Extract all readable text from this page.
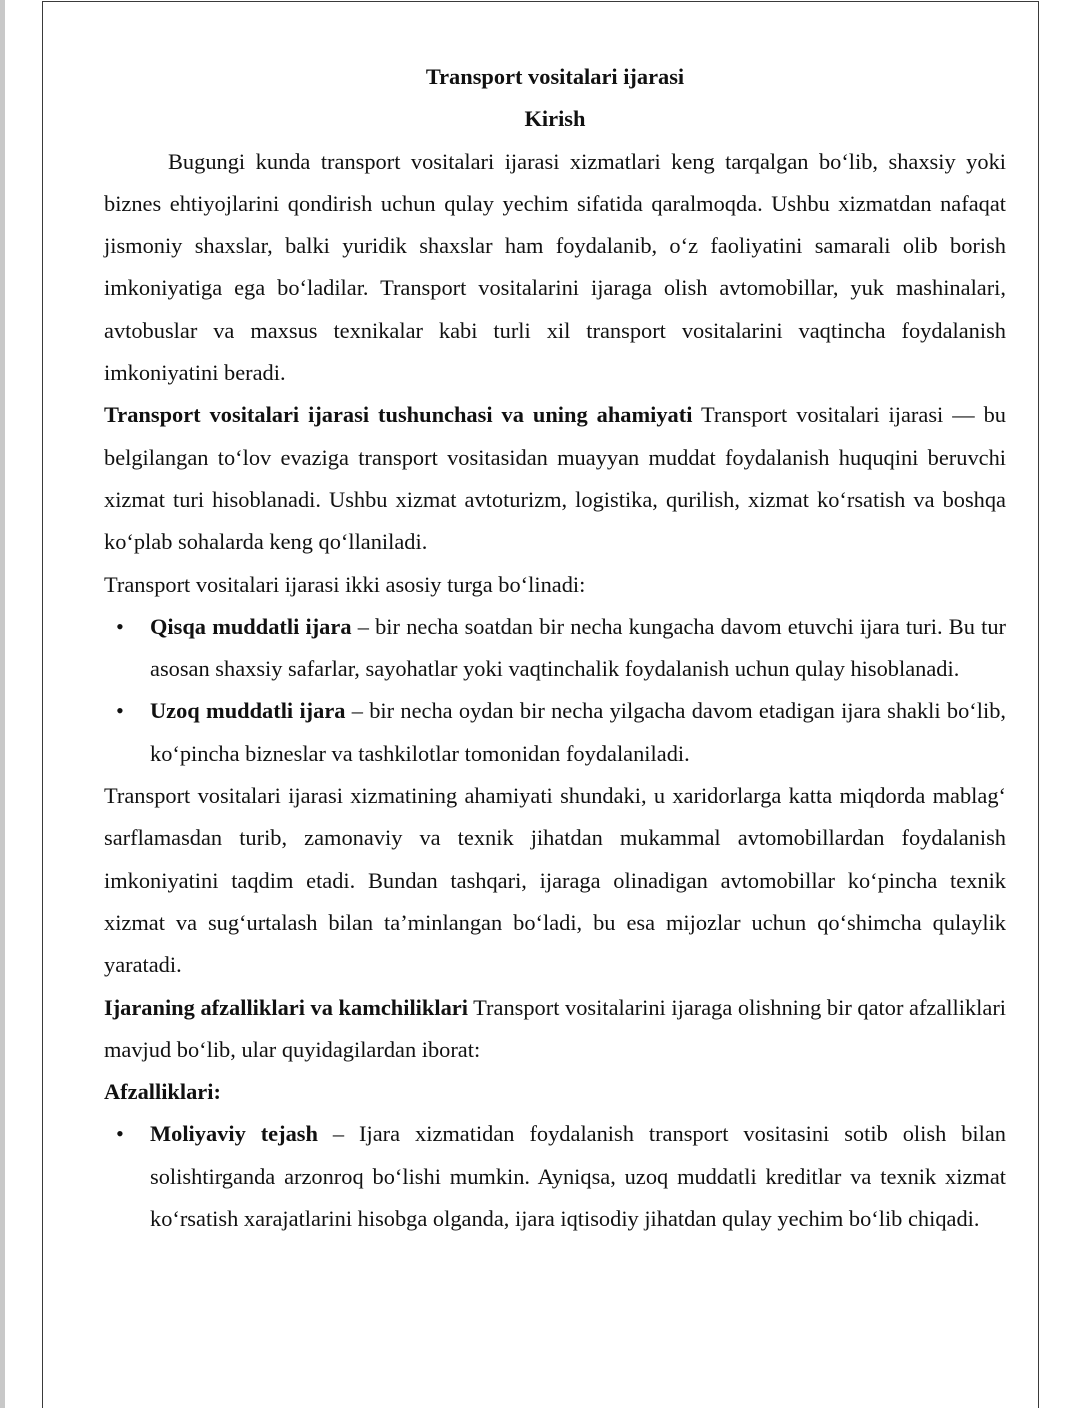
Transport vositalari ijarasi

Kirish

Bugungi kunda transport vositalari ijarasi xizmatlari keng tarqalgan bo‘lib, shaxsiy yoki biznes ehtiyojlarini qondirish uchun qulay yechim sifatida qaralmoqda. Ushbu xizmatdan nafaqat jismoniy shaxslar, balki yuridik shaxslar ham foydalanib, o‘z faoliyatini samarali olib borish imkoniyatiga ega bo‘ladilar. Transport vositalarini ijaraga olish avtomobillar, yuk mashinalari, avtobuslar va maxsus texnikalar kabi turli xil transport vositalarini vaqtincha foydalanish imkoniyatini beradi.

Transport vositalari ijarasi tushunchasi va uning ahamiyati Transport vositalari ijarasi — bu belgilangan to‘lov evaziga transport vositasidan muayyan muddat foydalanish huquqini beruvchi xizmat turi hisoblanadi. Ushbu xizmat avtoturizm, logistika, qurilish, xizmat ko‘rsatish va boshqa ko‘plab sohalarda keng qo‘llaniladi.

Transport vositalari ijarasi ikki asosiy turga bo‘linadi:

• Qisqa muddatli ijara – bir necha soatdan bir necha kungacha davom etuvchi ijara turi. Bu tur asosan shaxsiy safarlar, sayohatlar yoki vaqtinchalik foydalanish uchun qulay hisoblanadi.
• Uzoq muddatli ijara – bir necha oydan bir necha yilgacha davom etadigan ijara shakli bo‘lib, ko‘pincha bizneslar va tashkilotlar tomonidan foydalaniladi.

Transport vositalari ijarasi xizmatining ahamiyati shundaki, u xaridorlarga katta miqdorda mablag‘ sarflamasdan turib, zamonaviy va texnik jihatdan mukammal avtomobillardan foydalanish imkoniyatini taqdim etadi. Bundan tashqari, ijaraga olinadigan avtomobillar ko‘pincha texnik xizmat va sug‘urtalash bilan ta’minlangan bo‘ladi, bu esa mijozlar uchun qo‘shimcha qulaylik yaratadi.

Ijaraning afzalliklari va kamchiliklari Transport vositalarini ijaraga olishning bir qator afzalliklari mavjud bo‘lib, ular quyidagilardan iborat:

Afzalliklari:

• Moliyaviy tejash – Ijara xizmatidan foydalanish transport vositasini sotib olish bilan solishtirganda arzonroq bo‘lishi mumkin. Ayniqsa, uzoq muddatli kreditlar va texnik xizmat ko‘rsatish xarajatlarini hisobga olganda, ijara iqtisodiy jihatdan qulay yechim bo‘lib chiqadi.
